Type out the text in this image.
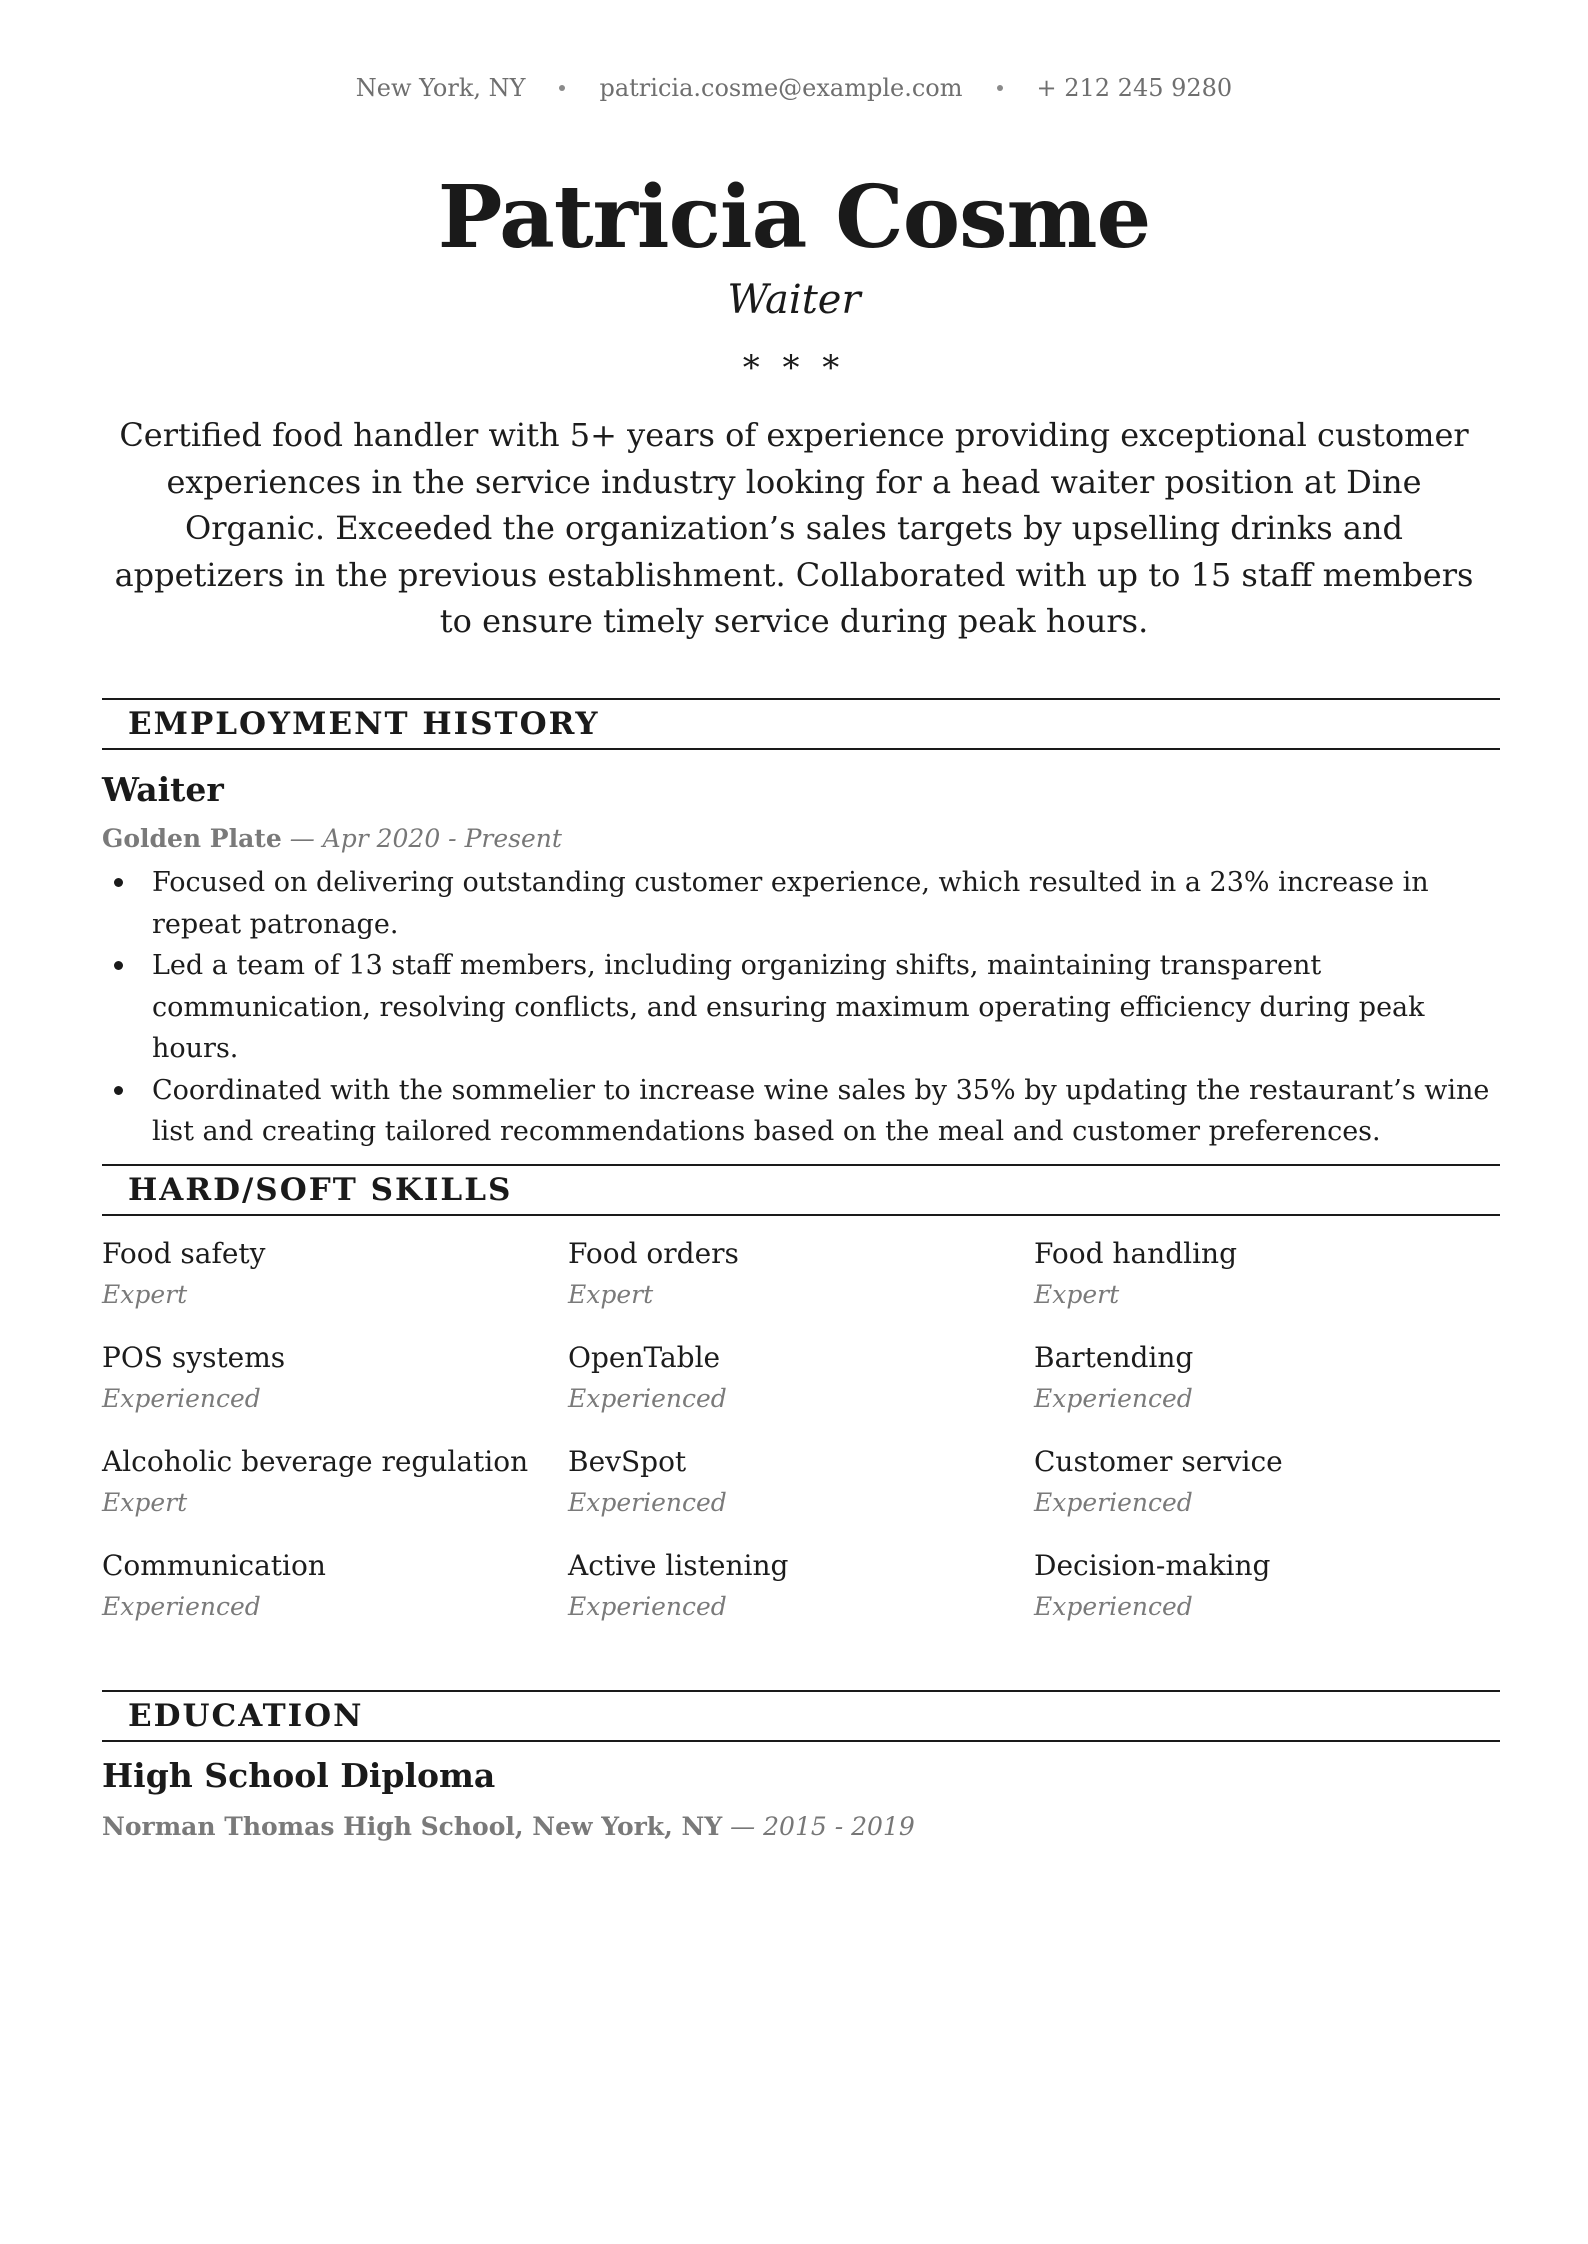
New York, NY	patricia.cosme@example.com	+ 212 245 9280
Patricia Cosme
Waiter
* * *
Certified food handler with 5+ years of experience providing exceptional customer experiences in the service industry looking for a head waiter position at Dine Organic. Exceeded the organization’s sales targets by upselling drinks and appetizers in the previous establishment. Collaborated with up to 15 staff members to ensure timely service during peak hours.
EMPLOYMENT HISTORY
Waiter
Golden Plate — Apr 2020 - Present
Focused on delivering outstanding customer experience, which resulted in a 23% increase in repeat patronage.
Led a team of 13 staff members, including organizing shifts, maintaining transparent communication, resolving conflicts, and ensuring maximum operating efficiency during peak hours.
Coordinated with the sommelier to increase wine sales by 35% by updating the restaurant’s wine list and creating tailored recommendations based on the meal and customer preferences.
HARD/SOFT SKILLS
Food safety
Expert
Food orders
Expert
Food handling
Expert
POS systems
Experienced
OpenTable
Experienced
Bartending
Experienced
Alcoholic beverage regulation
Expert
BevSpot
Experienced
Customer service
Experienced
Communication
Experienced
Active listening
Experienced
Decision-making
Experienced
EDUCATION
High School Diploma
Norman Thomas High School, New York, NY — 2015 - 2019
